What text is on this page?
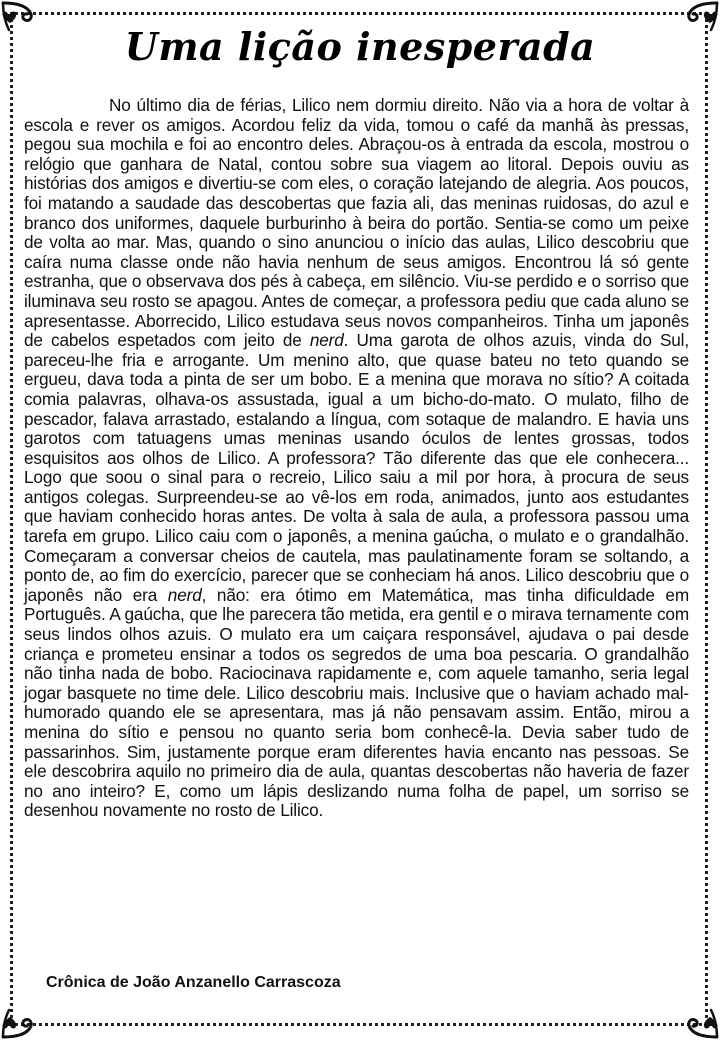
Uma lição inesperada

No último dia de férias, Lilico nem dormiu direito. Não via a hora de voltar à escola e rever os amigos. Acordou feliz da vida, tomou o café da manhã às pressas, pegou sua mochila e foi ao encontro deles. Abraçou-os à entrada da escola, mostrou o relógio que ganhara de Natal, contou sobre sua viagem ao litoral. Depois ouviu as histórias dos amigos e divertiu-se com eles, o coração latejando de alegria. Aos poucos, foi matando a saudade das descobertas que fazia ali, das meninas ruidosas, do azul e branco dos uniformes, daquele burburinho à beira do portão. Sentia-se como um peixe de volta ao mar. Mas, quando o sino anunciou o início das aulas, Lilico descobriu que caíra numa classe onde não havia nenhum de seus amigos. Encontrou lá só gente estranha, que o observava dos pés à cabeça, em silêncio. Viu-se perdido e o sorriso que iluminava seu rosto se apagou. Antes de começar, a professora pediu que cada aluno se apresentasse. Aborrecido, Lilico estudava seus novos companheiros. Tinha um japonês de cabelos espetados com jeito de nerd. Uma garota de olhos azuis, vinda do Sul, pareceu-lhe fria e arrogante. Um menino alto, que quase bateu no teto quando se ergueu, dava toda a pinta de ser um bobo. E a menina que morava no sítio? A coitada comia palavras, olhava-os assustada, igual a um bicho-do-mato. O mulato, filho de pescador, falava arrastado, estalando a língua, com sotaque de malandro. E havia uns garotos com tatuagens umas meninas usando óculos de lentes grossas, todos esquisitos aos olhos de Lilico. A professora? Tão diferente das que ele conhecera... Logo que soou o sinal para o recreio, Lilico saiu a mil por hora, à procura de seus antigos colegas. Surpreendeu-se ao vê-los em roda, animados, junto aos estudantes que haviam conhecido horas antes. De volta à sala de aula, a professora passou uma tarefa em grupo. Lilico caiu com o japonês, a menina gaúcha, o mulato e o grandalhão. Começaram a conversar cheios de cautela, mas paulatinamente foram se soltando, a ponto de, ao fim do exercício, parecer que se conheciam há anos. Lilico descobriu que o japonês não era nerd, não: era ótimo em Matemática, mas tinha dificuldade em Português. A gaúcha, que lhe parecera tão metida, era gentil e o mirava ternamente com seus lindos olhos azuis. O mulato era um caiçara responsável, ajudava o pai desde criança e prometeu ensinar a todos os segredos de uma boa pescaria. O grandalhão não tinha nada de bobo. Raciocinava rapidamente e, com aquele tamanho, seria legal jogar basquete no time dele. Lilico descobriu mais. Inclusive que o haviam achado mal-humorado quando ele se apresentara, mas já não pensavam assim. Então, mirou a menina do sítio e pensou no quanto seria bom conhecê-la. Devia saber tudo de passarinhos. Sim, justamente porque eram diferentes havia encanto nas pessoas. Se ele descobrira aquilo no primeiro dia de aula, quantas descobertas não haveria de fazer no ano inteiro? E, como um lápis deslizando numa folha de papel, um sorriso se desenhou novamente no rosto de Lilico.

Crônica de João Anzanello Carrascoza
